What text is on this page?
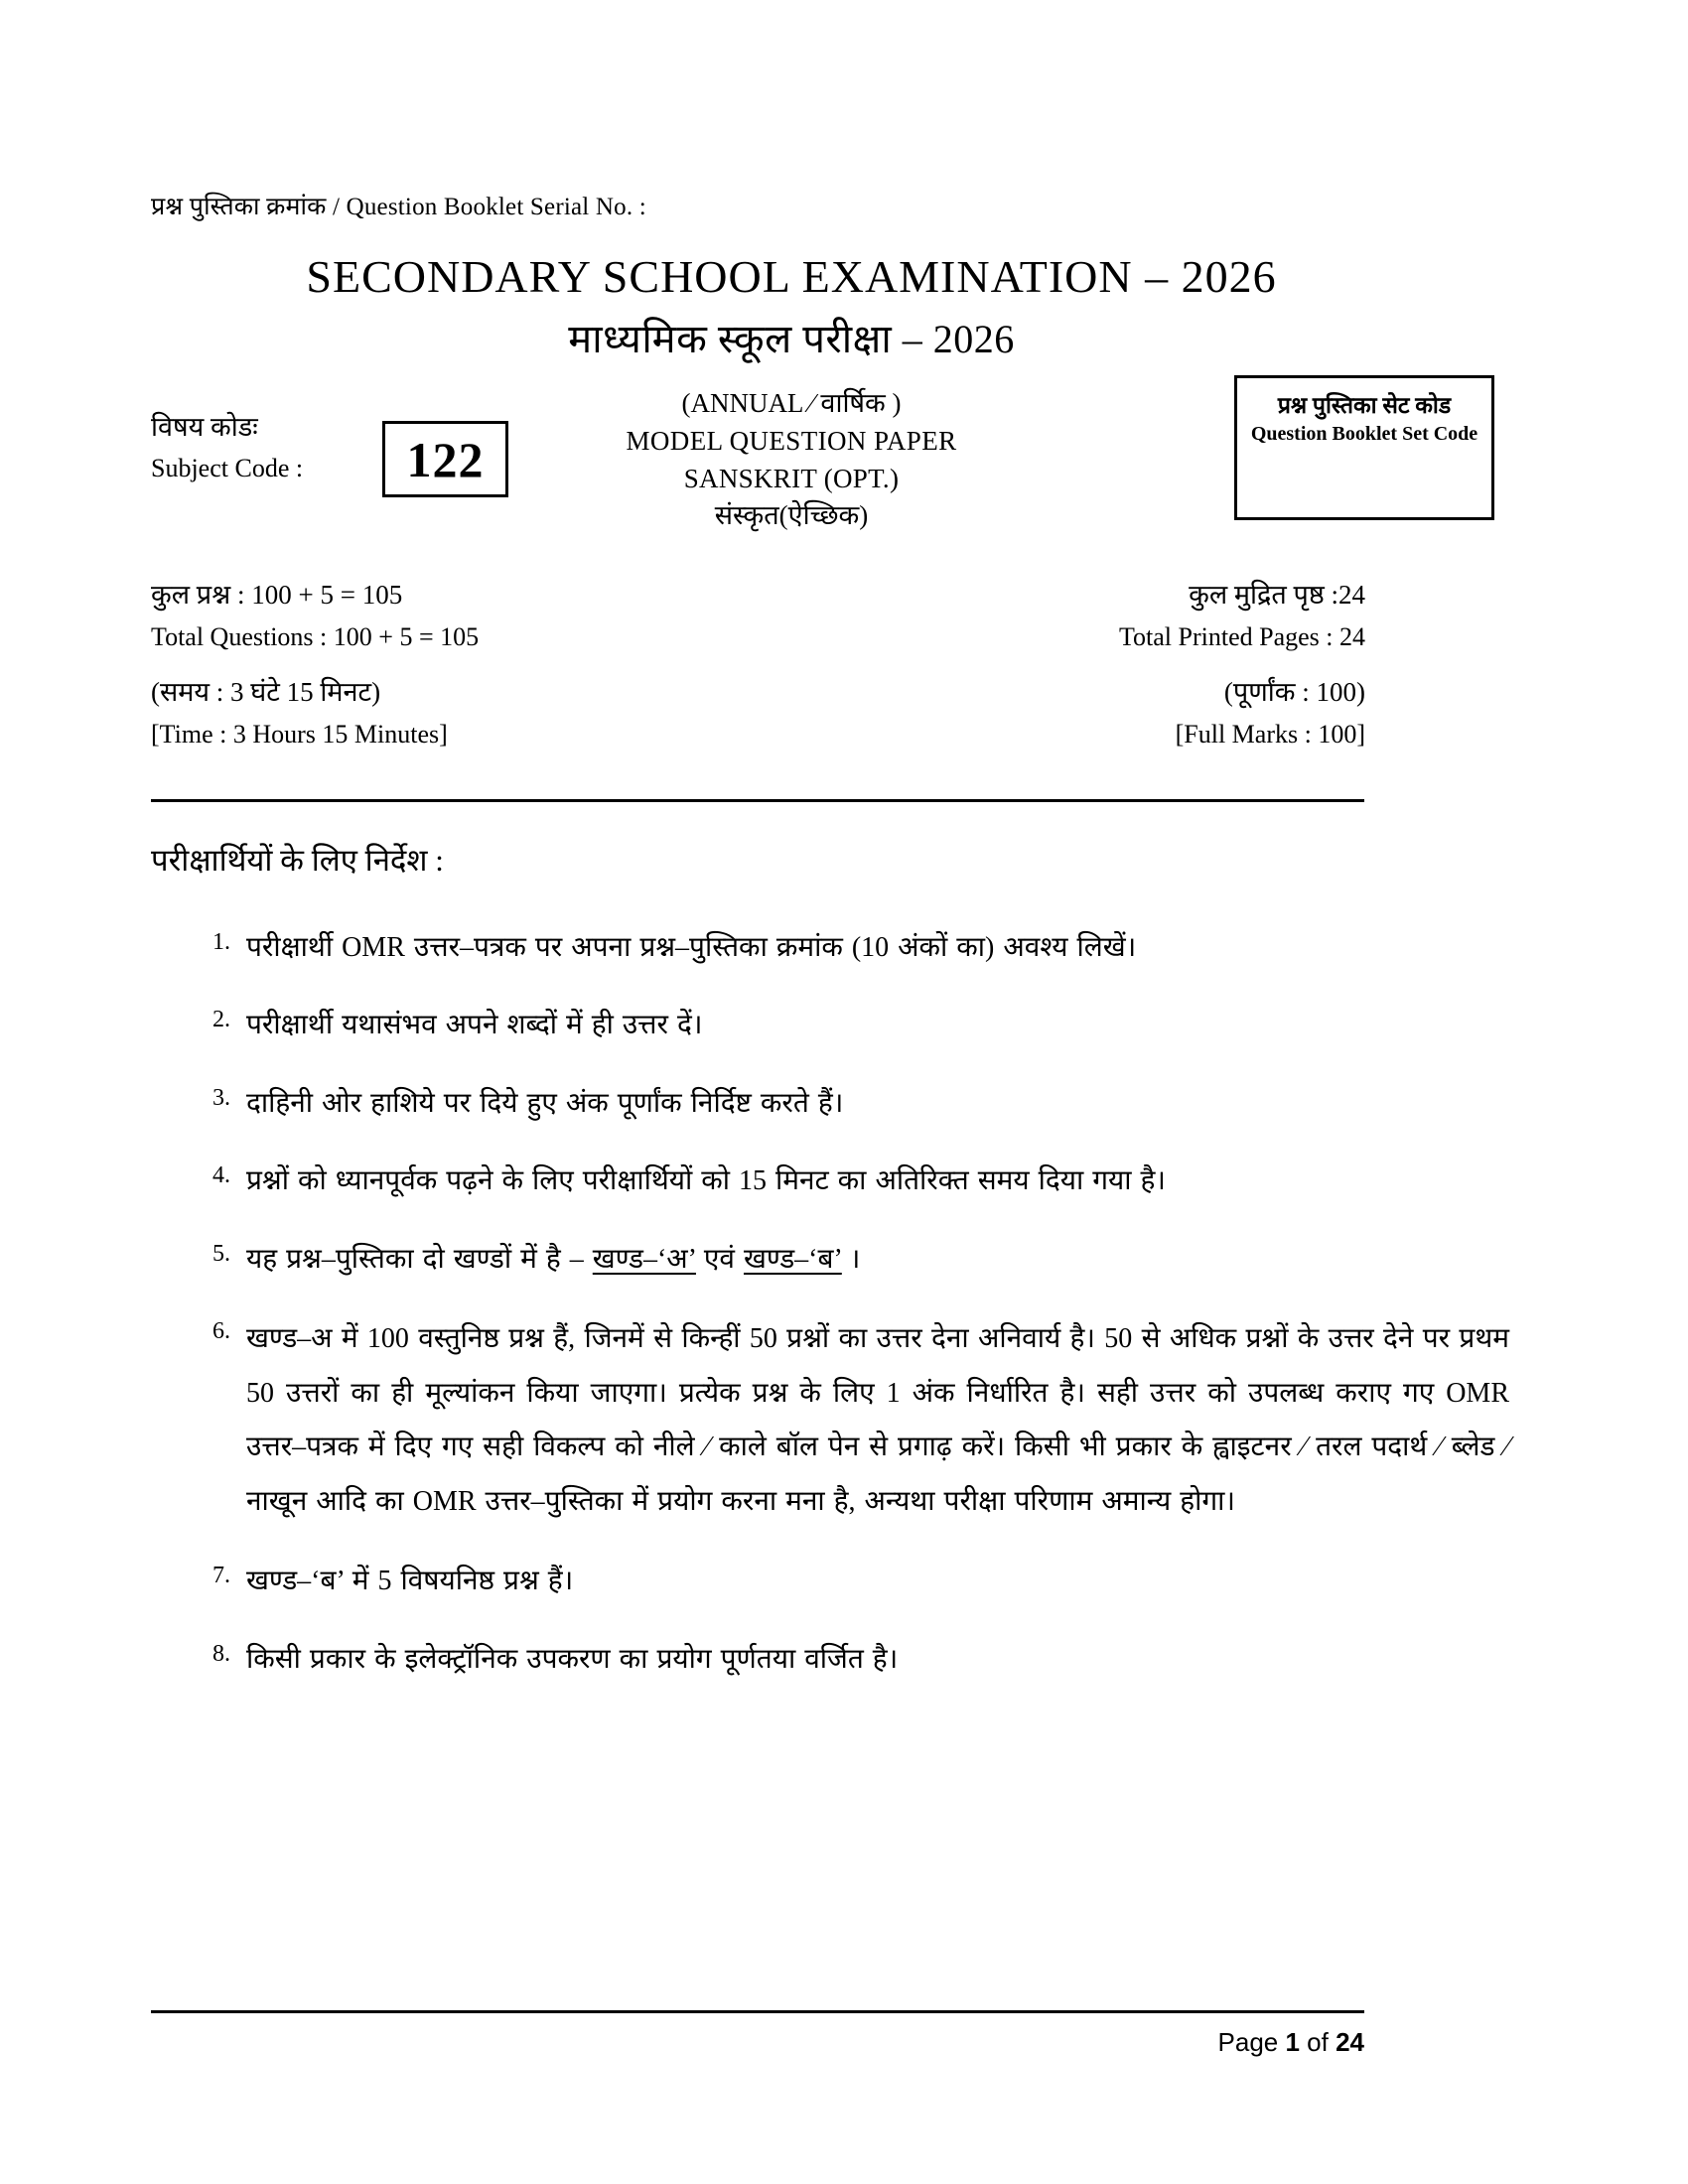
प्रश्न पुस्तिका क्रमांक / Question Booklet Serial No. :
SECONDARY SCHOOL EXAMINATION – 2026
माध्यमिक स्कूल परीक्षा – 2026
(ANNUAL ⁄ वार्षिक )
MODEL QUESTION PAPER
SANSKRIT (OPT.)
संस्कृत(ऐच्छिक)
विषय कोडः
Subject Code :	122
प्रश्न पुस्तिका सेट कोड
Question Booklet Set Code
कुल प्रश्न : 100 + 5 = 105
Total Questions : 100 + 5 = 105
कुल मुद्रित पृष्ठ :24
Total Printed Pages : 24
(समय : 3 घंटे 15 मिनट)
[Time : 3 Hours 15 Minutes]
(पूर्णांक : 100)
[Full Marks : 100]
परीक्षार्थियों के लिए निर्देश :
1. परीक्षार्थी OMR उत्तर–पत्रक पर अपना प्रश्न–पुस्तिका क्रमांक (10 अंकों का) अवश्य लिखें।
2. परीक्षार्थी यथासंभव अपने शब्दों में ही उत्तर दें।
3. दाहिनी ओर हाशिये पर दिये हुए अंक पूर्णांक निर्दिष्ट करते हैं।
4. प्रश्नों को ध्यानपूर्वक पढ़ने के लिए परीक्षार्थियों को 15 मिनट का अतिरिक्त समय दिया गया है।
5. यह प्रश्न–पुस्तिका दो खण्डों में है – खण्ड–‘अ’ एवं खण्ड–‘ब’ ।
6. खण्ड–अ में 100 वस्तुनिष्ठ प्रश्न हैं, जिनमें से किन्हीं 50 प्रश्नों का उत्तर देना अनिवार्य है। 50 से अधिक प्रश्नों के उत्तर देने पर प्रथम 50 उत्तरों का ही मूल्यांकन किया जाएगा। प्रत्येक प्रश्न के लिए 1 अंक निर्धारित है। सही उत्तर को उपलब्ध कराए गए OMR उत्तर–पत्रक में दिए गए सही विकल्प को नीले ⁄ काले बॉल पेन से प्रगाढ़ करें। किसी भी प्रकार के ह्वाइटनर ⁄ तरल पदार्थ ⁄ ब्लेड ⁄ नाखून आदि का OMR उत्तर–पुस्तिका में प्रयोग करना मना है, अन्यथा परीक्षा परिणाम अमान्य होगा।
7. खण्ड–‘ब’ में 5 विषयनिष्ठ प्रश्न हैं।
8. किसी प्रकार के इलेक्ट्रॉनिक उपकरण का प्रयोग पूर्णतया वर्जित है।
Page 1 of 24
